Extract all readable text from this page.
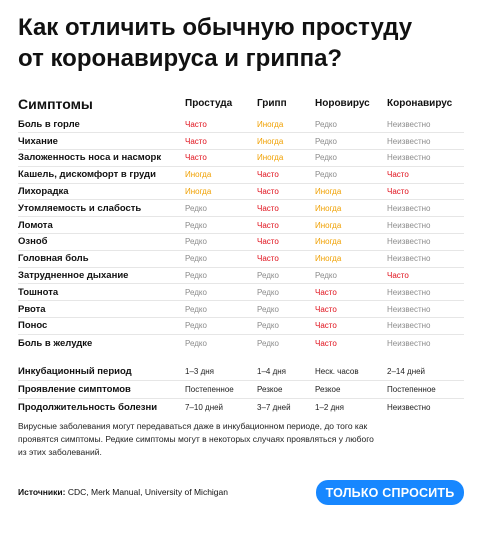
Как отличить обычную простуду
от коронавируса и гриппа?
Симптомы	Простуда	Грипп	Норовирус	Коронавирус
Боль в горле	Часто	Иногда	Редко	Неизвестно
Чихание	Часто	Иногда	Редко	Неизвестно
Заложенность носа и насморк	Часто	Иногда	Редко	Неизвестно
Кашель, дискомфорт в груди	Иногда	Часто	Редко	Часто
Лихорадка	Иногда	Часто	Иногда	Часто
Утомляемость и слабость	Редко	Часто	Иногда	Неизвестно
Ломота	Редко	Часто	Иногда	Неизвестно
Озноб	Редко	Часто	Иногда	Неизвестно
Головная боль	Редко	Часто	Иногда	Неизвестно
Затрудненное дыхание	Редко	Редко	Редко	Часто
Тошнота	Редко	Редко	Часто	Неизвестно
Рвота	Редко	Редко	Часто	Неизвестно
Понос	Редко	Редко	Часто	Неизвестно
Боль в желудке	Редко	Редко	Часто	Неизвестно
Инкубационный период	1–3 дня	1–4 дня	Неск. часов	2–14 дней
Проявление симптомов	Постепенное	Резкое	Резкое	Постепенное
Продолжительность болезни	7–10 дней	3–7 дней	1–2 дня	Неизвестно
Вирусные заболевания могут передаваться даже в инкубационном периоде, до того как проявятся симптомы. Редкие симптомы могут в некоторых случаях проявляться у любого из этих заболеваний.
Источники: CDC, Merk Manual, University of Michigan	ТОЛЬКО СПРОСИТЬ
